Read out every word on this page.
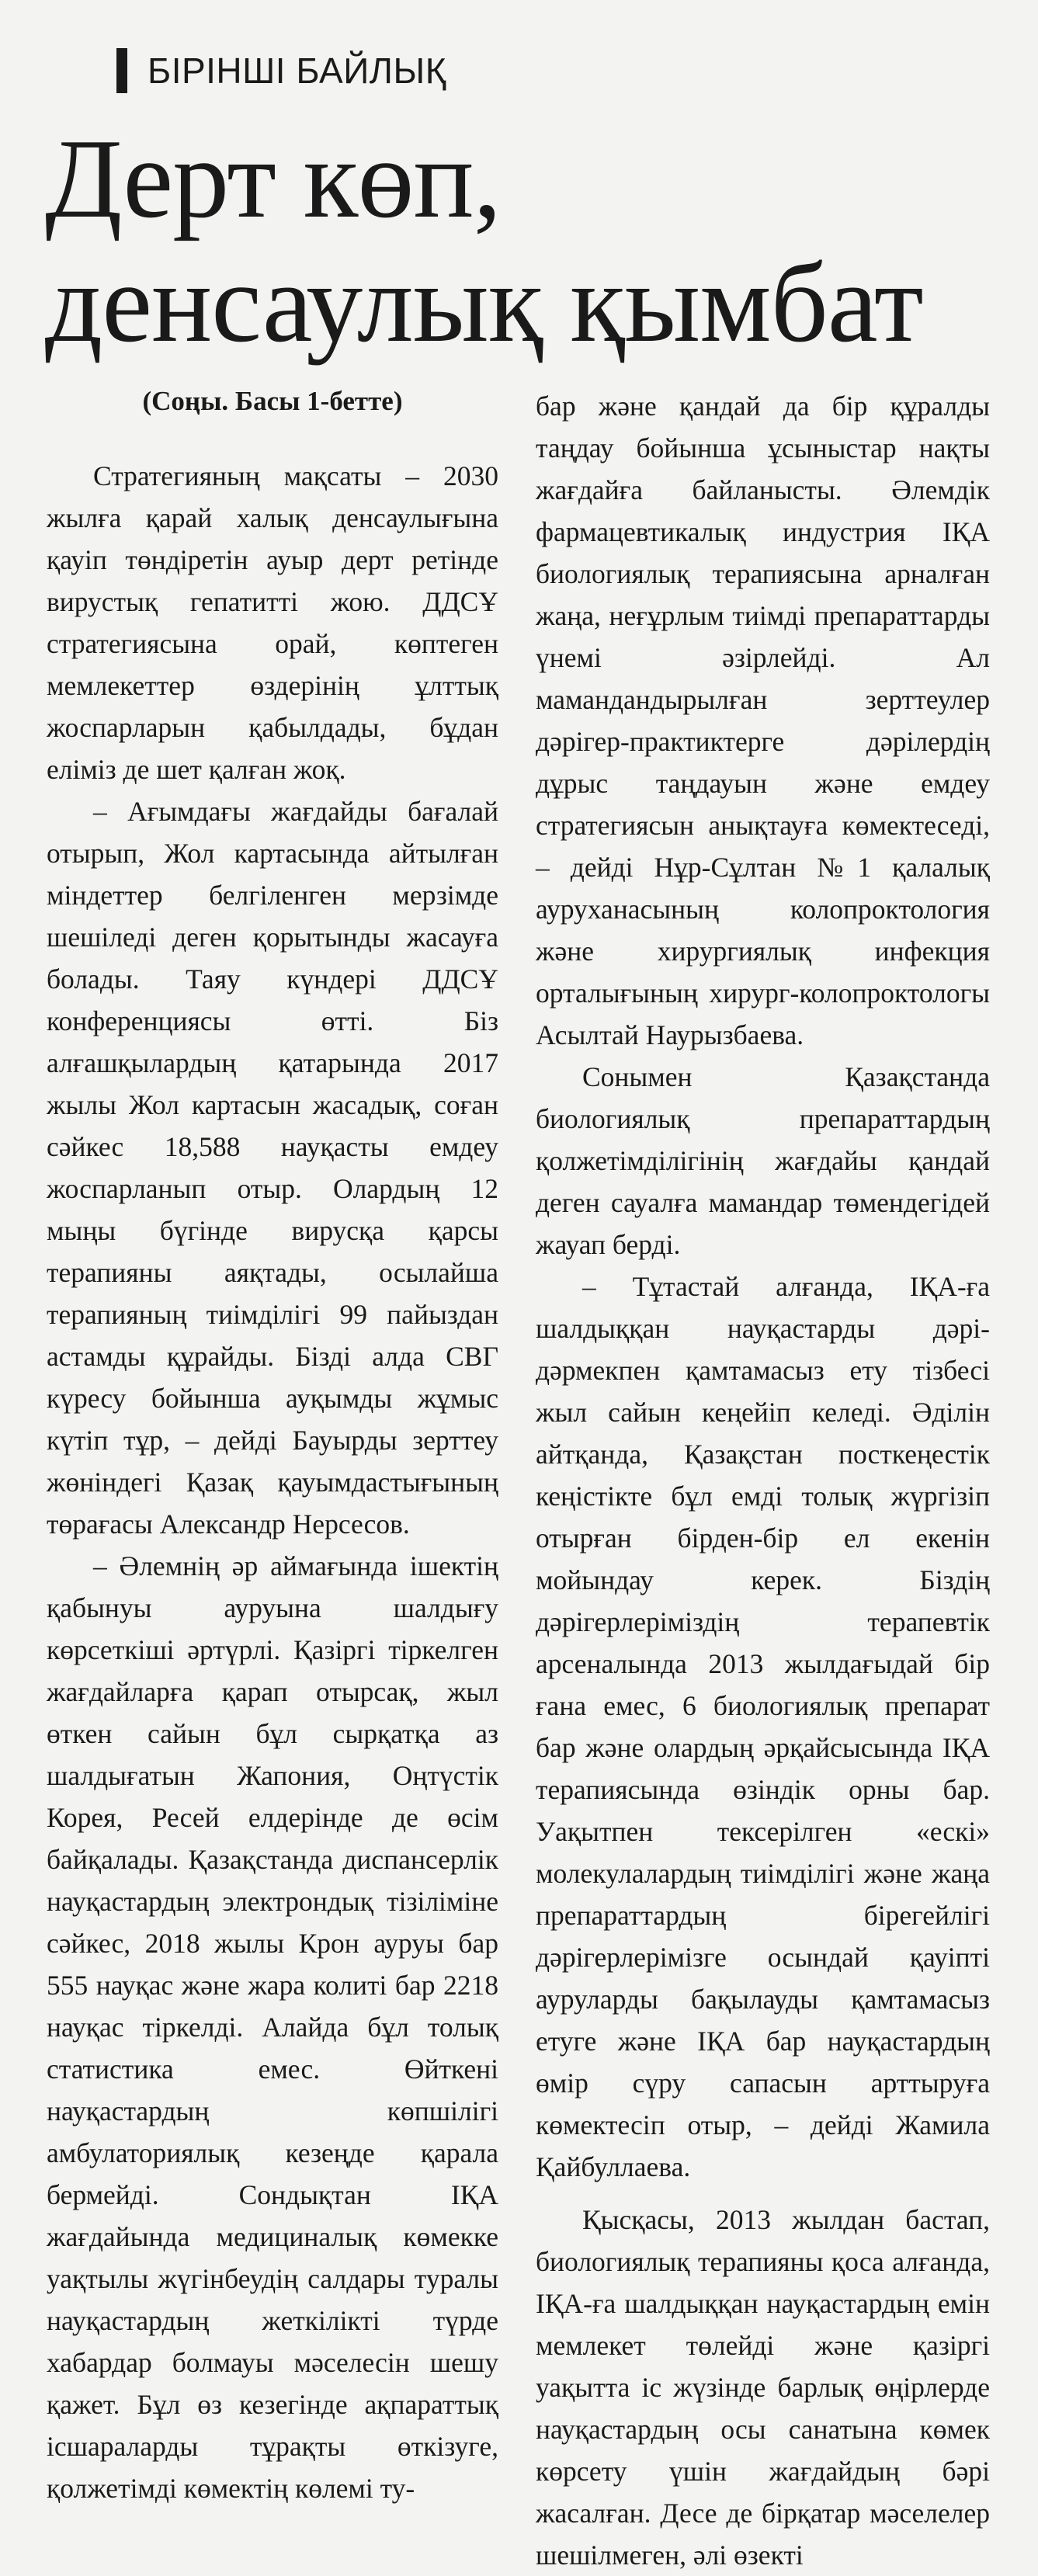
БІРІНШІ БАЙЛЫҚ
Дерт көп,
денсаулық қымбат

(Соңы. Басы 1-бетте)

Стратегияның мақсаты – 2030 жылға қарай халық денсаулығына қауіп төндіретін ауыр дерт ретінде вирустық гепатитті жою. ДДСҰ стратегиясына орай, көптеген мемлекеттер өздерінің ұлттық жоспарларын қабылдады, бұдан еліміз де шет қалған жоқ.

– Ағымдағы жағдайды бағалай отырып, Жол картасында айтылған міндеттер белгіленген мерзімде шешіледі деген қорытынды жасауға болады. Таяу күндері ДДСҰ конференциясы өтті. Біз алғашқылардың қатарында 2017 жылы Жол картасын жасадық, соған сәйкес 18,588 науқасты емдеу жоспарланып отыр. Олардың 12 мыңы бүгінде вирусқа қарсы терапияны аяқтады, осылайша терапияның тиімділігі 99 пайыздан астамды құрайды. Бізді алда СВГ күресу бойынша ауқымды жұмыс күтіп тұр, – дейді Бауырды зерттеу жөніндегі Қазақ қауымдастығының төрағасы Александр Нерсесов.

– Әлемнің әр аймағында ішектің қабынуы ауруына шалдығу көрсеткіші әртүрлі. Қазіргі тіркелген жағдайларға қарап отырсақ, жыл өткен сайын бұл сырқатқа аз шалдығатын Жапония, Оңтүстік Корея, Ресей елдерінде де өсім байқалады. Қазақстанда диспансерлік науқастардың электрондық тізіліміне сәйкес, 2018 жылы Крон ауруы бар 555 науқас және жара колиті бар 2218 науқас тіркелді. Алайда бұл толық статистика емес. Өйткені науқастардың көпшілігі амбулаториялық кезеңде қарала бермейді. Сондықтан ІҚА жағдайында медициналық көмекке уақтылы жүгінбеудің салдары туралы науқастардың жеткілікті түрде хабардар болмауы мәселесін шешу қажет. Бұл өз кезегінде ақпараттық ісшараларды тұрақты өткізуге, қолжетімді көмектің көлемі ту-

бар және қандай да бір құралды таңдау бойынша ұсыныстар нақты жағдайға байланысты. Әлемдік фармацевтикалық индустрия ІҚА биологиялық терапиясына арналған жаңа, неғұрлым тиімді препараттарды үнемі әзірлейді. Ал мамандандырылған зерттеулер дәрігер-практиктерге дәрілердің дұрыс таңдауын және емдеу стратегиясын анықтауға көмектеседі, – дейді Нұр-Сұлтан №1 қалалық ауруханасының колопроктология және хирургиялық инфекция орталығының хирург-колопроктологы Асылтай Наурызбаева.

Сонымен Қазақстанда биологиялық препараттардың қолжетімділігінің жағдайы қандай деген сауалға мамандар төмендегідей жауап берді.

– Тұтастай алғанда, ІҚА-ға шалдыққан науқастарды дәрі-дәрмекпен қамтамасыз ету тізбесі жыл сайын кеңейіп келеді. Әділін айтқанда, Қазақстан посткеңестік кеңістікте бұл емді толық жүргізіп отырған бірден-бір ел екенін мойындау керек. Біздің дәрігерлеріміздің терапевтік арсеналында 2013 жылдағыдай бір ғана емес, 6 биологиялық препарат бар және олардың әрқайсысында ІҚА терапиясында өзіндік орны бар. Уақытпен тексерілген «ескі» молекулалардың тиімділігі және жаңа препараттардың бірегейлігі дәрігерлерімізге осындай қауіпті ауруларды бақылауды қамтамасыз етуге және ІҚА бар науқастардың өмір сүру сапасын арттыруға көмектесіп отыр, – дейді Жамила Қайбуллаева.

Қысқасы, 2013 жылдан бастап, биологиялық терапияны қоса алғанда, ІҚА-ға шалдыққан науқастардың емін мемлекет төлейді және қазіргі уақытта іс жүзінде барлық өңірлерде науқастардың осы санатына көмек көрсету үшін жағдайдың бәрі жасалған. Десе де бірқатар мәселелер шешілмеген, әлі өзекті
